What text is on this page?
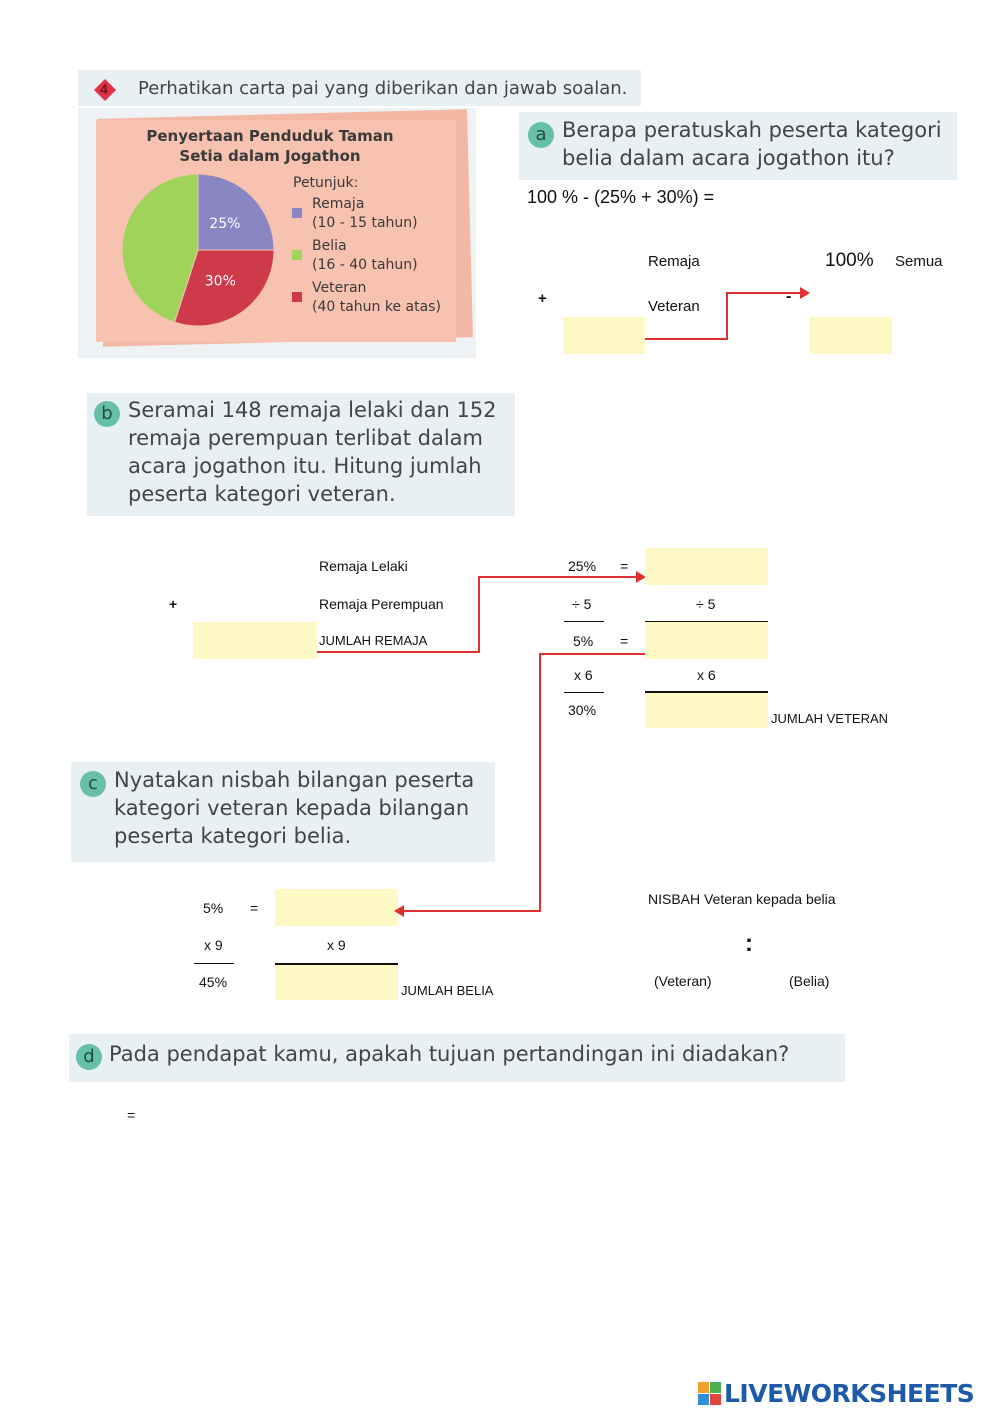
4 Perhatikan carta pai yang diberikan dan jawab soalan.
Penyertaan Penduduk Taman
Setia dalam Jogathon
25%
30%
Petunjuk:
Remaja
(10 - 15 tahun)
Belia
(16 - 40 tahun)
Veteran
(40 tahun ke atas)
a Berapa peratuskah peserta kategori
belia dalam acara jogathon itu?
100 % - (25% + 30%) =
Remaja
+	Veteran
100% Semua
-
b Seramai 148 remaja lelaki dan 152
remaja perempuan terlibat dalam
acara jogathon itu. Hitung jumlah
peserta kategori veteran.
Remaja Lelaki
+	Remaja Perempuan
JUMLAH REMAJA
25% =
÷ 5	÷ 5
5% =
x 6	x 6
30%
JUMLAH VETERAN
c Nyatakan nisbah bilangan peserta
kategori veteran kepada bilangan
peserta kategori belia.
5% =
x 9	x 9
45%
JUMLAH BELIA
NISBAH Veteran kepada belia
:
(Veteran)	(Belia)
d Pada pendapat kamu, apakah tujuan pertandingan ini diadakan?
=
LIVEWORKSHEETS
